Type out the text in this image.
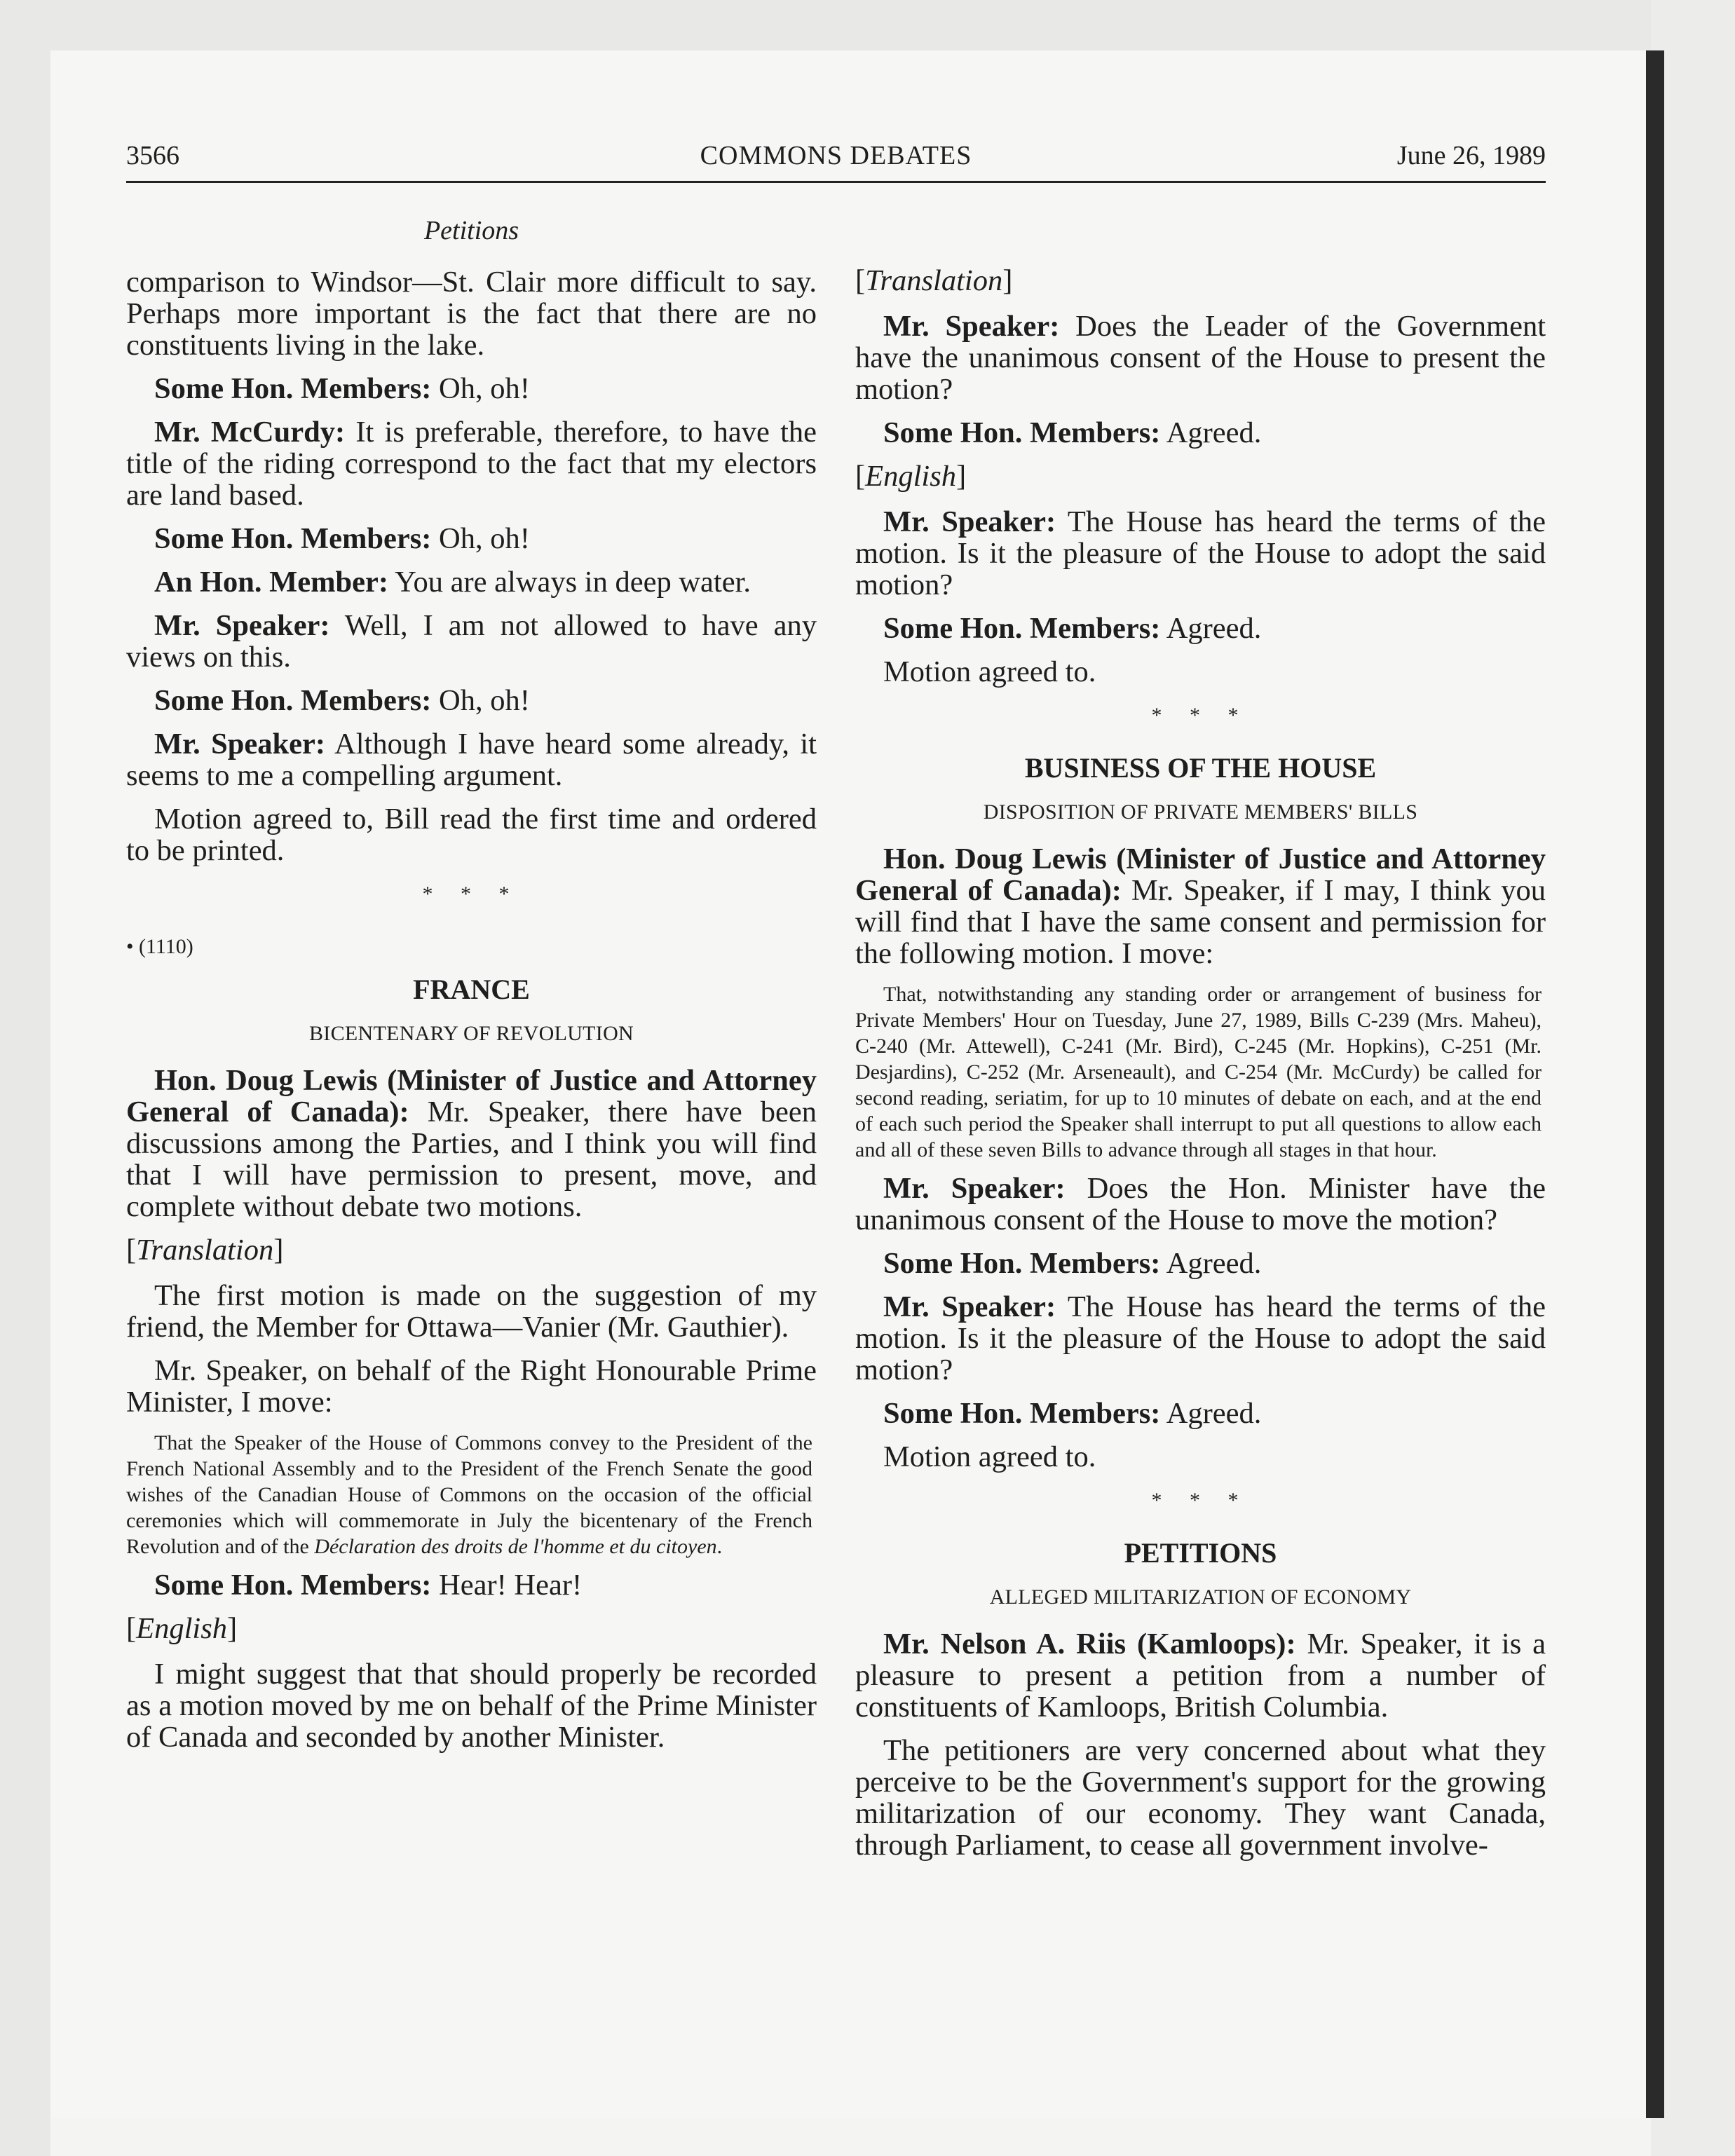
3566	COMMONS DEBATES	June 26, 1989
Petitions

comparison to Windsor—St. Clair more difficult to say. Perhaps more important is the fact that there are no constituents living in the lake.

Some Hon. Members: Oh, oh!

Mr. McCurdy: It is preferable, therefore, to have the title of the riding correspond to the fact that my electors are land based.

Some Hon. Members: Oh, oh!

An Hon. Member: You are always in deep water.

Mr. Speaker: Well, I am not allowed to have any views on this.

Some Hon. Members: Oh, oh!

Mr. Speaker: Although I have heard some already, it seems to me a compelling argument.

Motion agreed to, Bill read the first time and ordered to be printed.

* * *

• (1110)

FRANCE

BICENTENARY OF REVOLUTION

Hon. Doug Lewis (Minister of Justice and Attorney General of Canada): Mr. Speaker, there have been discussions among the Parties, and I think you will find that I will have permission to present, move, and complete without debate two motions.

[Translation]

The first motion is made on the suggestion of my friend, the Member for Ottawa—Vanier (Mr. Gauthier).

Mr. Speaker, on behalf of the Right Honourable Prime Minister, I move:

That the Speaker of the House of Commons convey to the President of the French National Assembly and to the President of the French Senate the good wishes of the Canadian House of Commons on the occasion of the official ceremonies which will commemorate in July the bicentenary of the French Revolution and of the Déclaration des droits de l'homme et du citoyen.

Some Hon. Members: Hear! Hear!

[English]

I might suggest that that should properly be recorded as a motion moved by me on behalf of the Prime Minister of Canada and seconded by another Minister.

[Translation]

Mr. Speaker: Does the Leader of the Government have the unanimous consent of the House to present the motion?

Some Hon. Members: Agreed.

[English]

Mr. Speaker: The House has heard the terms of the motion. Is it the pleasure of the House to adopt the said motion?

Some Hon. Members: Agreed.

Motion agreed to.

* * *

BUSINESS OF THE HOUSE

DISPOSITION OF PRIVATE MEMBERS' BILLS

Hon. Doug Lewis (Minister of Justice and Attorney General of Canada): Mr. Speaker, if I may, I think you will find that I have the same consent and permission for the following motion. I move:

That, notwithstanding any standing order or arrangement of business for Private Members' Hour on Tuesday, June 27, 1989, Bills C-239 (Mrs. Maheu), C-240 (Mr. Attewell), C-241 (Mr. Bird), C-245 (Mr. Hopkins), C-251 (Mr. Desjardins), C-252 (Mr. Arseneault), and C-254 (Mr. McCurdy) be called for second reading, seriatim, for up to 10 minutes of debate on each, and at the end of each such period the Speaker shall interrupt to put all questions to allow each and all of these seven Bills to advance through all stages in that hour.

Mr. Speaker: Does the Hon. Minister have the unanimous consent of the House to move the motion?

Some Hon. Members: Agreed.

Mr. Speaker: The House has heard the terms of the motion. Is it the pleasure of the House to adopt the said motion?

Some Hon. Members: Agreed.

Motion agreed to.

* * *

PETITIONS

ALLEGED MILITARIZATION OF ECONOMY

Mr. Nelson A. Riis (Kamloops): Mr. Speaker, it is a pleasure to present a petition from a number of constituents of Kamloops, British Columbia.

The petitioners are very concerned about what they perceive to be the Government's support for the growing militarization of our economy. They want Canada, through Parliament, to cease all government involve-
